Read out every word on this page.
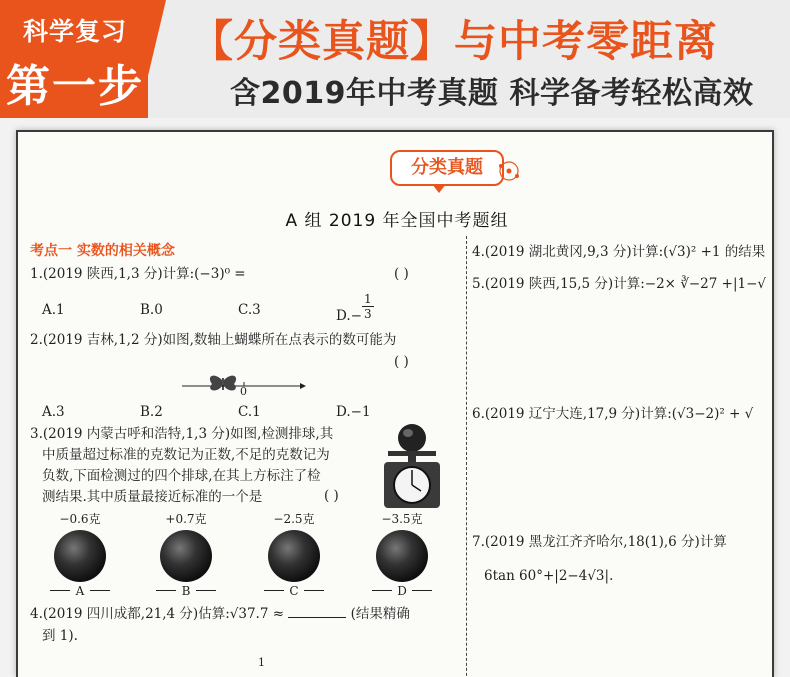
科学复习
第一步
【分类真题】与中考零距离
含2019年中考真题 科学备考轻松高效
分类真题
A 组 2019 年全国中考题组
考点一 实数的相关概念
1.(2019 陕西,1,3 分)计算:(−3)⁰ =	( )
A.1	B.0	C.3	$D.- \frac{1}{3}$
2.(2019 吉林,1,2 分)如图,数轴上蝴蝶所在点表示的数可能为
( )
0
A.3	B.2	C.1	D.−1
3.(2019 内蒙古呼和浩特,1,3 分)如图,检测排球,其
中质量超过标准的克数记为正数,不足的克数记为
负数,下面检测过的四个排球,在其上方标注了检
测结果.其中质量最接近标准的一个是	( )
−0.6克
A
+0.7克
B
−2.5克
C
−3.5克
D
4.(2019 四川成都,21,4 分)估算:√37.7 ≈	(结果精确
到 1).
1
4.(2019 湖北黄冈,9,3 分)计算:(√3)² +1 的结果
5.(2019 陕西,15,5 分)计算:−2× ∛−27 +|1−√
6.(2019 辽宁大连,17,9 分)计算:(√3−2)² + √
7.(2019 黑龙江齐齐哈尔,18(1),6 分)计算
6tan 60°+|2−4√3|.
